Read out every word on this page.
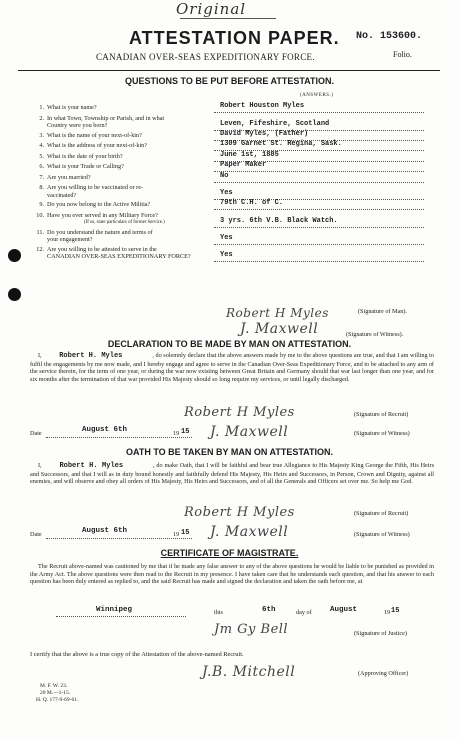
Original
ATTESTATION PAPER. No. 153600.
Folio.
CANADIAN OVER-SEAS EXPEDITIONARY FORCE.
QUESTIONS TO BE PUT BEFORE ATTESTATION.
(ANSWERS.)
1. What is your name?	Robert Houston Myles
2. In what Town, Township or Parish, and in what

Country were you born?	Leven, Fifeshire, Scotland
3. What is the name of your next-of-kin?	David Myles, (Father)
4. What is the address of your next-of-kin?	1309 Garnet St. Regina, Sask.
5. What is the date of your birth?	June 1st, 1885
6. What is your Trade or Calling?	Paper Maker
7. Are you married?	No
8. Are you willing to be vaccinated or re-

vaccinated?	Yes
9. Do you now belong to the Active Militia?	79th C.H. of C.
10. Have you ever served in any Military Force?

(If so, state particulars of former Service.)	3 yrs. 6th V.B. Black Watch.
11. Do you understand the nature and terms of

your engagement?	Yes
12. Are you willing to be attested to serve in the

CANADIAN OVER-SEAS EXPEDITIONARY FORCE?	Yes
Robert H Myles	(Signature of Man).
J. Maxwell	(Signature of Witness).
DECLARATION TO BE MADE BY MAN ON ATTESTATION.
I, Robert H. Myles	, do solemnly declare that the above answers made by me to the above questions are true, and that I am willing to fulfil the engagements by me now made, and I hereby engage and agree to serve in the Canadian Over-Seas Expeditionary Force, and to be attached to any arm of the service therein, for the term of one year, or during the war now existing between Great Britain and Germany should that war last longer than one year, and for six months after the termination of that war provided His Majesty should so long require my services, or until legally discharged.
Robert H Myles	(Signature of Recruit)
Date	August 6th	19 15 J. Maxwell	(Signature of Witness)
OATH TO BE TAKEN BY MAN ON ATTESTATION.
I, Robert H. Myles	, do make Oath, that I will be faithful and bear true Allegiance to His Majesty King George the Fifth, His Heirs and Successors, and that I will as in duty bound honestly and faithfully defend His Majesty, His Heirs and Successors, in Person, Crown and Dignity, against all enemies, and will observe and obey all orders of His Majesty, His Heirs and Successors, and of all the Generals and Officers set over me. So help me God.
Robert H Myles	(Signature of Recruit)
Date	August 6th	19 15 J. Maxwell	(Signature of Witness)
CERTIFICATE OF MAGISTRATE.
The Recruit above-named was cautioned by me that if he made any false answer to any of the above questions he would be liable to be punished as provided in the Army Act. The above questions were then read to the Recruit in my presence. I have taken care that he understands each question, and that his answer to each question has been duly entered as replied to, and the said Recruit has made and signed the declaration and taken the oath before me, at
Winnipeg	this	6th	day of August	19 15
Jm Gy Bell	(Signature of Justice)
I certify that the above is a true copy of the Attestation of the above-named Recruit.
J.B. Mitchell	(Approving Officer)
M. F. W. 23.
20 M.—1-15.
H. Q. 177-9-69-61.
